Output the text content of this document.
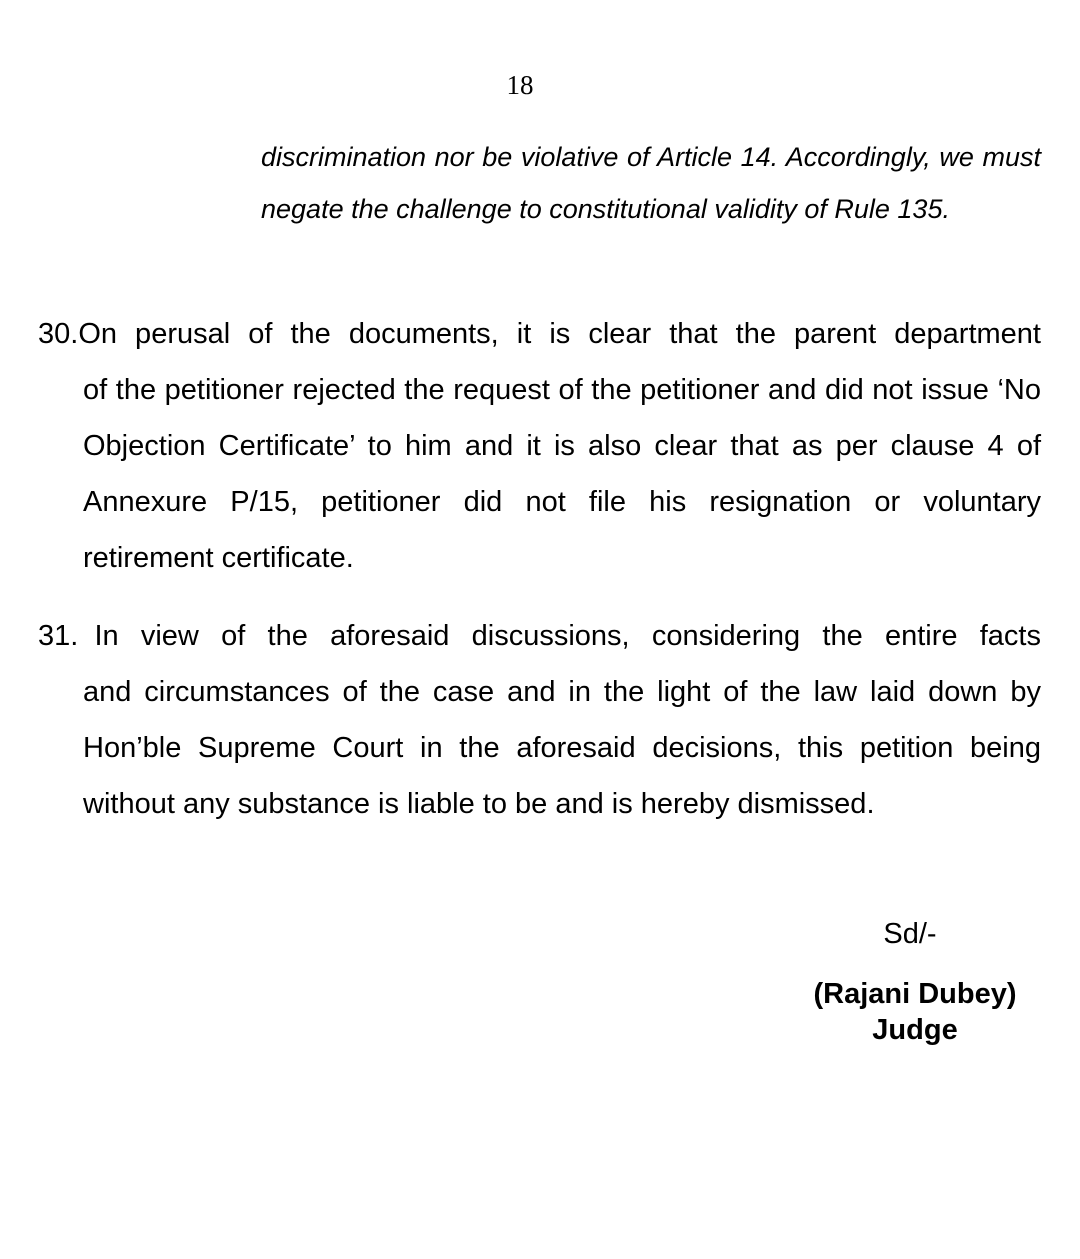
18
discrimination nor be violative of Article 14. Accordingly, we must negate the challenge to constitutional validity of Rule 135.
30. On perusal of the documents, it is clear that the parent department
of the petitioner rejected the request of the petitioner and did not issue ‘No Objection Certificate’ to him and it is also clear that as per clause 4 of Annexure P/15, petitioner did not file his resignation or voluntary retirement certificate.
31. In view of the aforesaid discussions, considering the entire facts
and circumstances of the case and in the light of the law laid down by Hon’ble Supreme Court in the aforesaid decisions, this petition being without any substance is liable to be and is hereby dismissed.
Sd/-
(Rajani Dubey)
Judge
